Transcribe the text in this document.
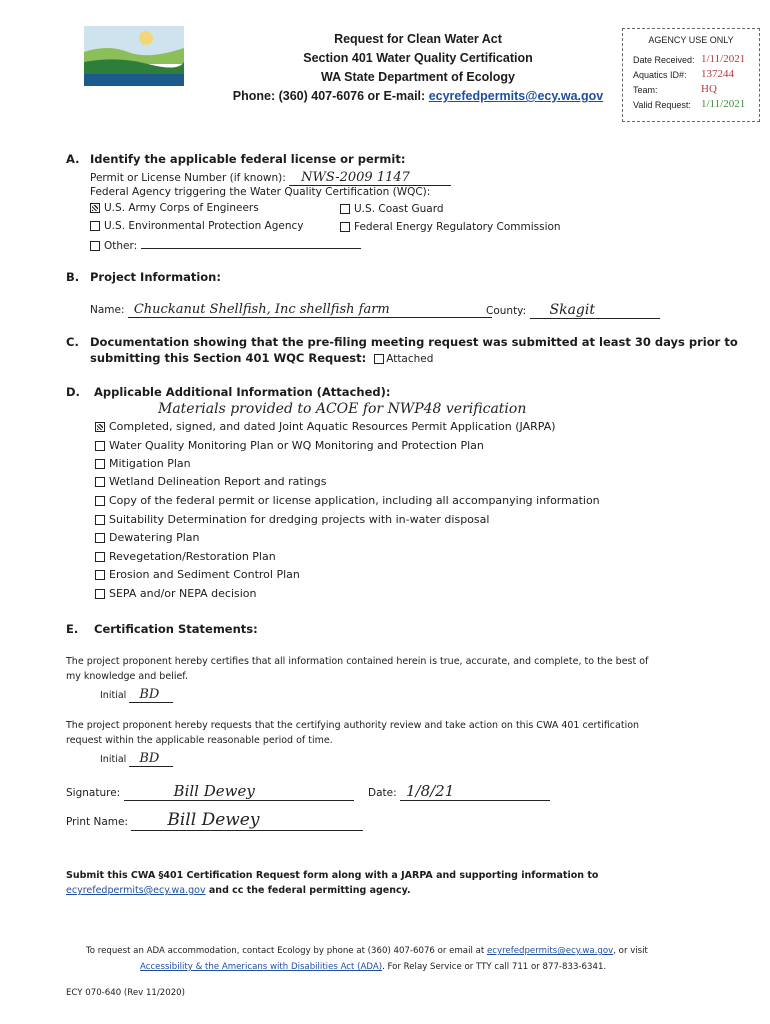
Request for Clean Water Act
Section 401 Water Quality Certification
WA State Department of Ecology
Phone: (360) 407-6076 or E-mail: ecyrefedpermits@ecy.wa.gov
AGENCY USE ONLY
Date Received: 1/11/2021
Aquatics ID#: 137244
Team:	HQ
Valid Request: 1/11/2021
A. Identify the applicable federal license or permit:
Permit or License Number (if known): NWS-2009 1147
Federal Agency triggering the Water Quality Certification (WQC):
U.S. Army Corps of Engineers	U.S. Coast Guard
U.S. Environmental Protection Agency	Federal Energy Regulatory Commission
Other:
B. Project Information:
Name: Chuckanut Shellfish, Inc shellfish farm	County: Skagit
C. Documentation showing that the pre-filing meeting request was submitted at least 30 days prior to
submitting this Section 401 WQC Request: Attached
D. Applicable Additional Information (Attached):
Materials provided to ACOE for NWP48 verification
Completed, signed, and dated Joint Aquatic Resources Permit Application (JARPA)
Water Quality Monitoring Plan or WQ Monitoring and Protection Plan
Mitigation Plan
Wetland Delineation Report and ratings
Copy of the federal permit or license application, including all accompanying information
Suitability Determination for dredging projects with in-water disposal
Dewatering Plan
Revegetation/Restoration Plan
Erosion and Sediment Control Plan
SEPA and/or NEPA decision
E. Certification Statements:
The project proponent hereby certifies that all information contained herein is true, accurate, and complete, to the best of
my knowledge and belief.
Initial BD
The project proponent hereby requests that the certifying authority review and take action on this CWA 401 certification
request within the applicable reasonable period of time.
Initial BD
Signature:	Bill Dewey	Date: 1/8/21
Print Name: Bill Dewey
Submit this CWA §401 Certification Request form along with a JARPA and supporting information to
ecyrefedpermits@ecy.wa.gov and cc the federal permitting agency.
To request an ADA accommodation, contact Ecology by phone at (360) 407-6076 or email at ecyrefedpermits@ecy.wa.gov, or visit
Accessibility & the Americans with Disabilities Act (ADA). For Relay Service or TTY call 711 or 877-833-6341.
ECY 070-640 (Rev 11/2020)
